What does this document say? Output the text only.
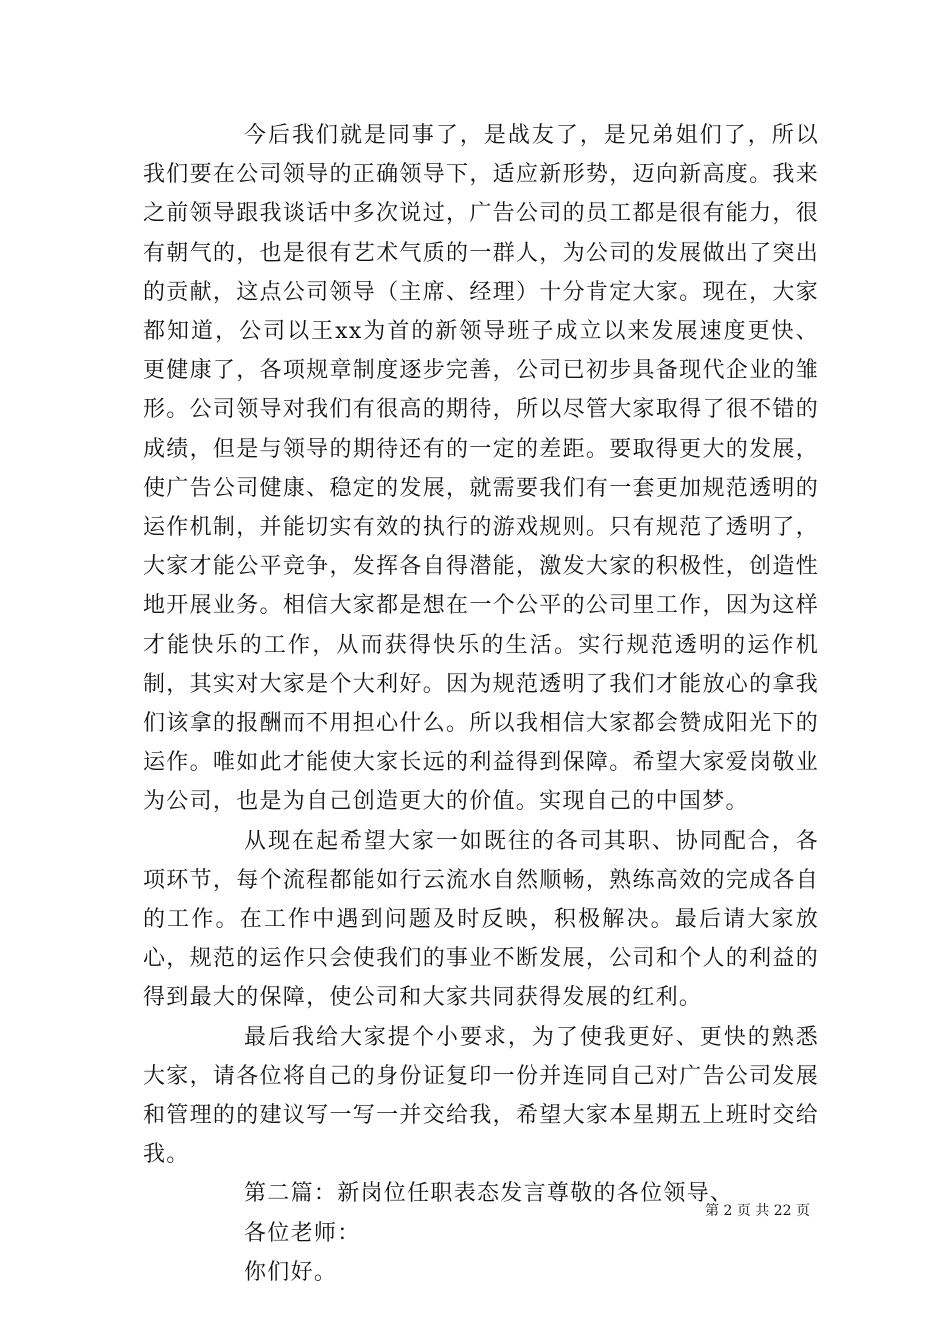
今后我们就是同事了，是战友了，是兄弟姐们了，所以我们要在公司领导的正确领导下，适应新形势，迈向新高度。我来之前领导跟我谈话中多次说过，广告公司的员工都是很有能力，很有朝气的，也是很有艺术气质的一群人，为公司的发展做出了突出的贡献，这点公司领导（主席、经理）十分肯定大家。现在，大家都知道，公司以王xx为首的新领导班子成立以来发展速度更快、更健康了，各项规章制度逐步完善，公司已初步具备现代企业的雏形。公司领导对我们有很高的期待，所以尽管大家取得了很不错的成绩，但是与领导的期待还有的一定的差距。要取得更大的发展，使广告公司健康、稳定的发展，就需要我们有一套更加规范透明的运作机制，并能切实有效的执行的游戏规则。只有规范了透明了，大家才能公平竞争，发挥各自得潜能，激发大家的积极性，创造性地开展业务。相信大家都是想在一个公平的公司里工作，因为这样才能快乐的工作，从而获得快乐的生活。实行规范透明的运作机制，其实对大家是个大利好。因为规范透明了我们才能放心的拿我们该拿的报酬而不用担心什么。所以我相信大家都会赞成阳光下的运作。唯如此才能使大家长远的利益得到保障。希望大家爱岗敬业为公司，也是为自己创造更大的价值。实现自己的中国梦。

从现在起希望大家一如既往的各司其职、协同配合，各项环节，每个流程都能如行云流水自然顺畅，熟练高效的完成各自的工作。在工作中遇到问题及时反映，积极解决。最后请大家放心，规范的运作只会使我们的事业不断发展，公司和个人的利益的得到最大的保障，使公司和大家共同获得发展的红利。

最后我给大家提个小要求，为了使我更好、更快的熟悉大家，请各位将自己的身份证复印一份并连同自己对广告公司发展和管理的的建议写一写一并交给我，希望大家本星期五上班时交给我。

第二篇：新岗位任职表态发言尊敬的各位领导、

各位老师：

你们好。

第 2 页 共 22 页
